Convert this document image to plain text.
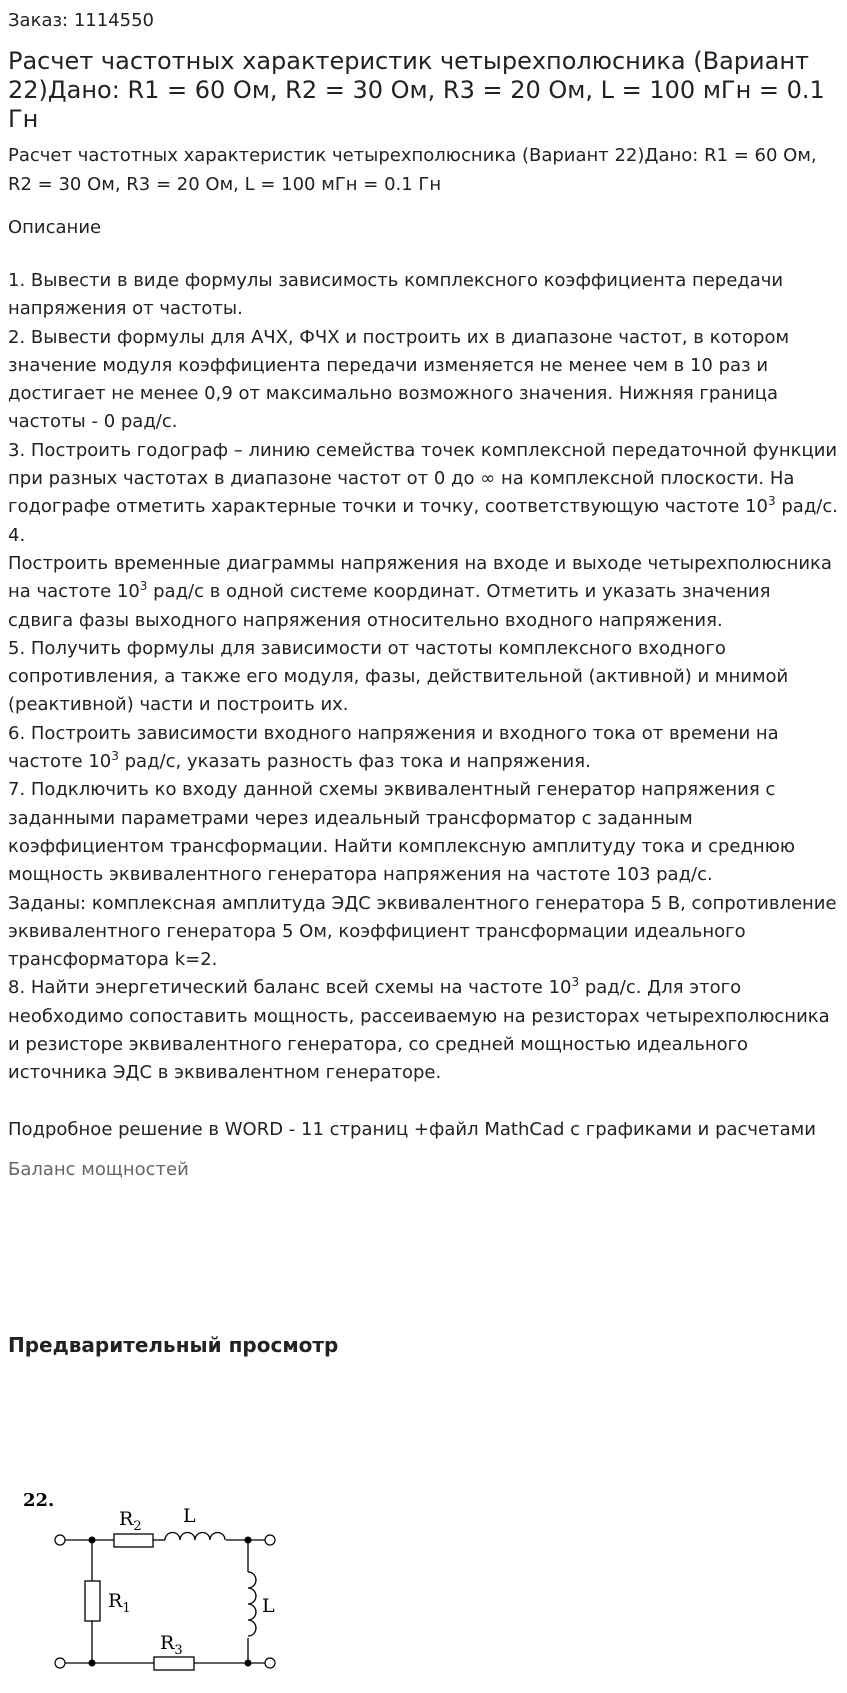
Заказ: 1114550
Расчет частотных характеристик четырехполюсника (Вариант 22)Дано: R1 = 60 Ом, R2 = 30 Ом, R3 = 20 Ом, L = 100 мГн = 0.1 Гн
Расчет частотных характеристик четырехполюсника (Вариант 22)Дано: R1 = 60 Ом, R2 = 30 Ом, R3 = 20 Ом, L = 100 мГн = 0.1 Гн
Описание

1. Вывести в виде формулы зависимость комплексного коэффициента передачи напряжения от частоты.

2. Вывести формулы для АЧХ, ФЧХ и построить их в диапазоне частот, в котором значение модуля коэффициента передачи изменяется не менее чем в 10 раз и достигает не менее 0,9 от максимально возможного значения. Нижняя граница частоты - 0 рад/с.

3. Построить годограф – линию семейства точек комплексной передаточной функции при разных частотах в диапазоне частот от 0 до ∞ на комплексной плоскости. На годографе отметить характерные точки и точку, соответствующую частоте $10^3$ рад/с.

4.

Построить временные диаграммы напряжения на входе и выходе четырехполюсника на частоте $10^3$ рад/с в одной системе координат. Отметить и указать значения сдвига фазы выходного напряжения относительно входного напряжения.

5. Получить формулы для зависимости от частоты комплексного входного сопротивления, а также его модуля, фазы, действительной (активной) и мнимой (реактивной) части и построить их.

6. Построить зависимости входного напряжения и входного тока от времени на частоте $10^3$ рад/с, указать разность фаз тока и напряжения.

7. Подключить ко входу данной схемы эквивалентный генератор напряжения с заданными параметрами через идеальный трансформатор с заданным коэффициентом трансформации. Найти комплексную амплитуду тока и среднюю мощность эквивалентного генератора напряжения на частоте 103 рад/с.

Заданы: комплексная амплитуда ЭДС эквивалентного генератора 5 В, сопротивление эквивалентного генератора 5 Ом, коэффициент трансформации идеального трансформатора k=2.

8. Найти энергетический баланс всей схемы на частоте $10^3$ рад/с. Для этого необходимо сопоставить мощность, рассеиваемую на резисторах четырехполюсника и резисторе эквивалентного генератора, со средней мощностью идеального источника ЭДС в эквивалентном генераторе.

Подробное решение в WORD - 11 страниц +файл MathCad с графиками и расчетами

Баланс мощностей
Предварительный просмотр
22.
$R_2$ L
$R_1$	L
$R_3$
